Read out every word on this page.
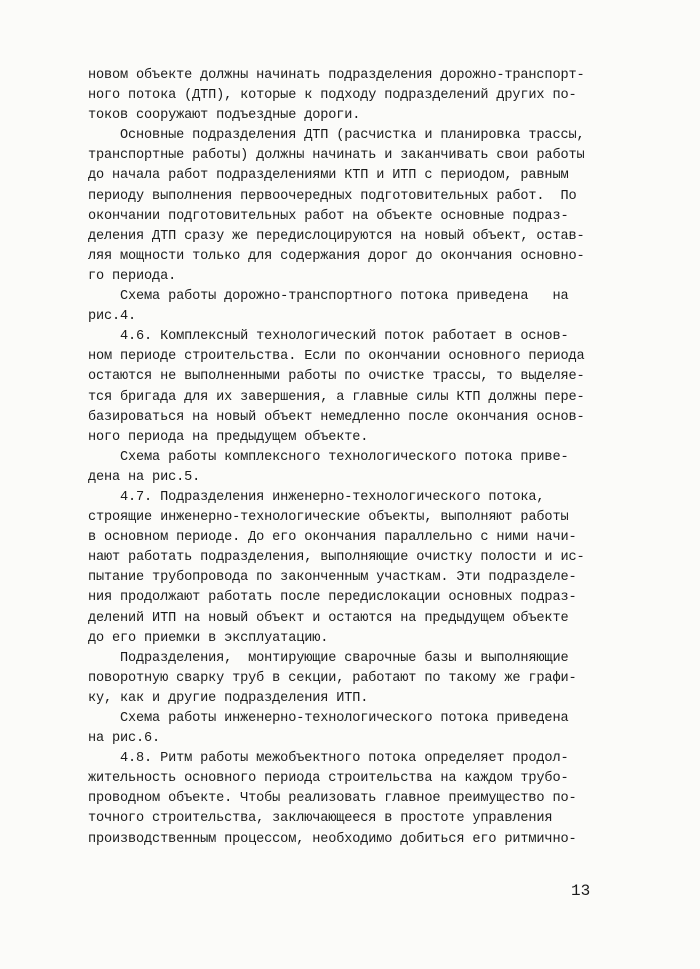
новом объекте должны начинать подразделения дорожно-транспорт-
ного потока (ДТП), которые к подходу подразделений других по-
токов сооружают подъездные дороги.
Основные подразделения ДТП (расчистка и планировка трассы,
транспортные работы) должны начинать и заканчивать свои работы
до начала работ подразделениями КТП и ИТП с периодом, равным
периоду выполнения первоочередных подготовительных работ.  По
окончании подготовительных работ на объекте основные подраз-
деления ДТП сразу же передислоцируются на новый объект, остав-
ляя мощности только для содержания дорог до окончания основно-
го периода.
Схема работы дорожно-транспортного потока приведена   на
рис.4.
4.6. Комплексный технологический поток работает в основ-
ном периоде строительства. Если по окончании основного периода
остаются не выполненными работы по очистке трассы, то выделяе-
тся бригада для их завершения, а главные силы КТП должны пере-
базироваться на новый объект немедленно после окончания основ-
ного периода на предыдущем объекте.
Схема работы комплексного технологического потока приве-
дена на рис.5.
4.7. Подразделения инженерно-технологического потока,
строящие инженерно-технологические объекты, выполняют работы
в основном периоде. До его окончания параллельно с ними начи-
нают работать подразделения, выполняющие очистку полости и ис-
пытание трубопровода по законченным участкам. Эти подразделе-
ния продолжают работать после передислокации основных подраз-
делений ИТП на новый объект и остаются на предыдущем объекте
до его приемки в эксплуатацию.
Подразделения,  монтирующие сварочные базы и выполняющие
поворотную сварку труб в секции, работают по такому же графи-
ку, как и другие подразделения ИТП.
Схема работы инженерно-технологического потока приведена
на рис.6.
4.8. Ритм работы межобъектного потока определяет продол-
жительность основного периода строительства на каждом трубо-
проводном объекте. Чтобы реализовать главное преимущество по-
точного строительства, заключающееся в простоте управления
производственным процессом, необходимо добиться его ритмично-
13
